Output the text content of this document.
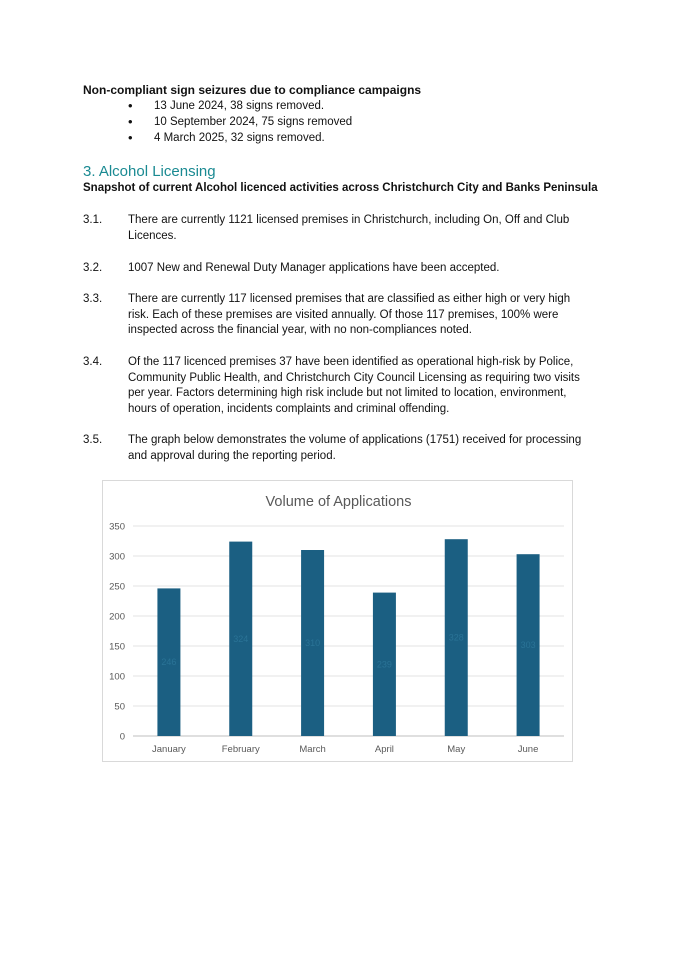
Non-compliant sign seizures due to compliance campaigns
• 13 June 2024, 38 signs removed.
• 10 September 2024, 75 signs removed
• 4 March 2025, 32 signs removed.
3. Alcohol Licensing
Snapshot of current Alcohol licenced activities across Christchurch City and Banks Peninsula
3.1. There are currently 1121 licensed premises in Christchurch, including On, Off and Club Licences.
3.2. 1007 New and Renewal Duty Manager applications have been accepted.
3.3. There are currently 117 licensed premises that are classified as either high or very high risk. Each of these premises are visited annually. Of those 117 premises, 100% were inspected across the financial year, with no non-compliances noted.
3.4. Of the 117 licenced premises 37 have been identified as operational high-risk by Police, Community Public Health, and Christchurch City Council Licensing as requiring two visits per year. Factors determining high risk include but not limited to location, environment, hours of operation, incidents complaints and criminal offending.
3.5. The graph below demonstrates the volume of applications (1751) received for processing and approval during the reporting period.
Volume of Applications
0
50
100
150
200
250
300
350
246
January
324
February
310
March
239
April
328
May
303
June
